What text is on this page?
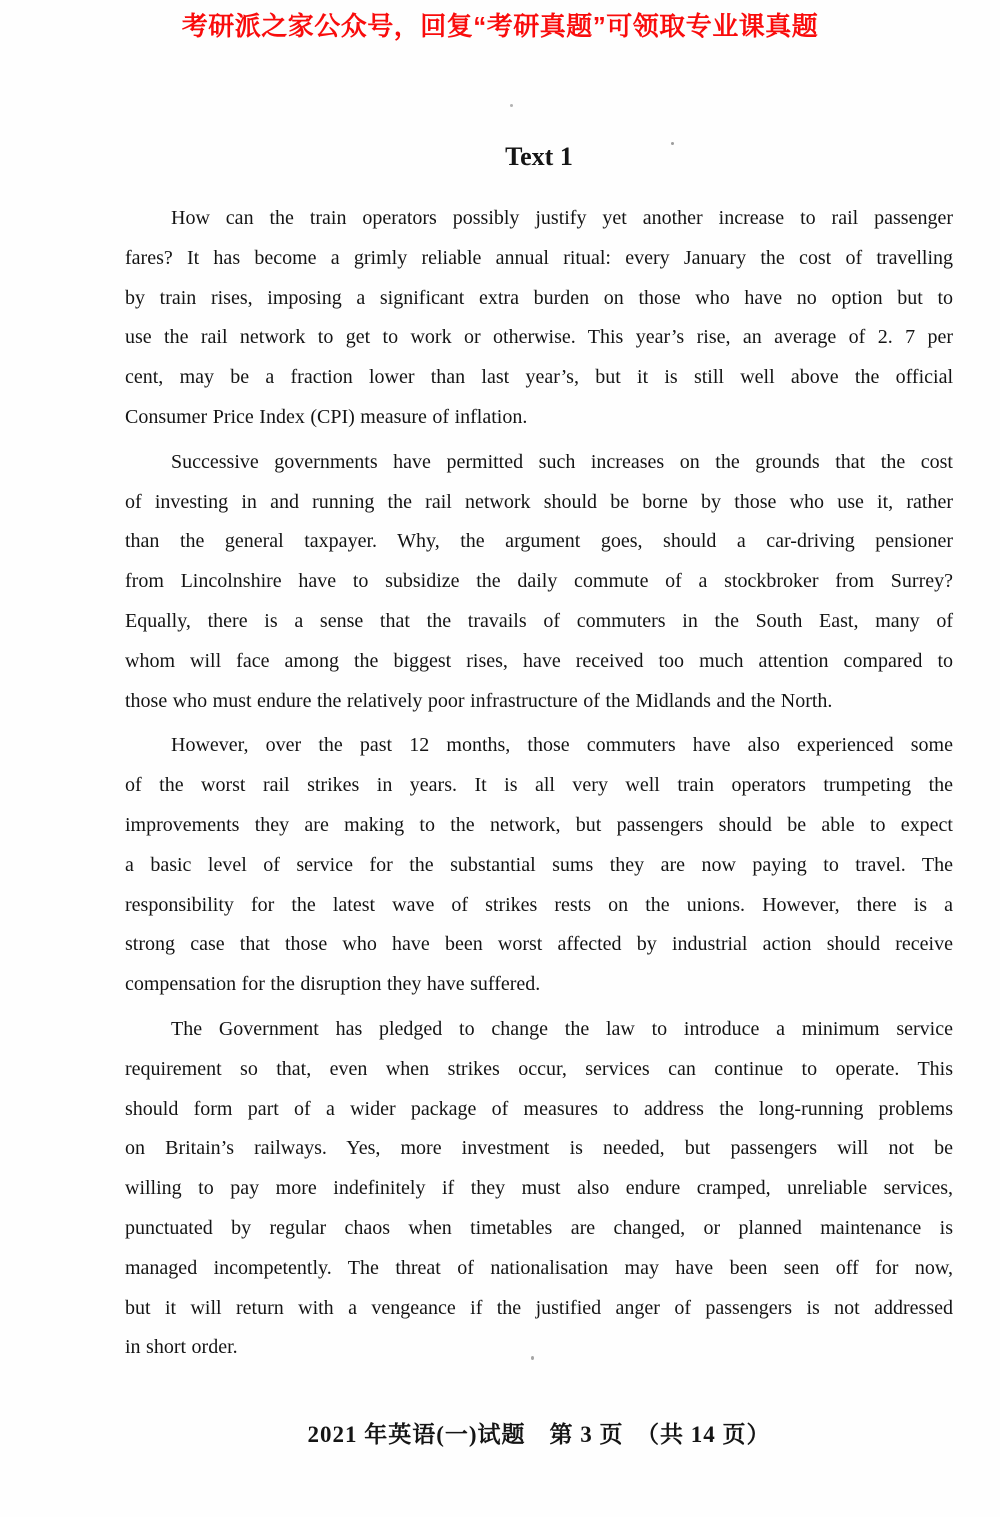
考研派之家公众号，回复“考研真题”可领取专业课真题
Text 1
How can the train operators possibly justify yet another increase to rail passenger
fares? It has become a grimly reliable annual ritual: every January the cost of travelling
by train rises, imposing a significant extra burden on those who have no option but to
use the rail network to get to work or otherwise. This year’s rise, an average of 2. 7 per
cent, may be a fraction lower than last year’s, but it is still well above the official
Consumer Price Index (CPI) measure of inflation.
Successive governments have permitted such increases on the grounds that the cost
of investing in and running the rail network should be borne by those who use it, rather
than the general taxpayer. Why, the argument goes, should a car-driving pensioner
from Lincolnshire have to subsidize the daily commute of a stockbroker from Surrey?
Equally, there is a sense that the travails of commuters in the South East, many of
whom will face among the biggest rises, have received too much attention compared to
those who must endure the relatively poor infrastructure of the Midlands and the North.
However, over the past 12 months, those commuters have also experienced some
of the worst rail strikes in years. It is all very well train operators trumpeting the
improvements they are making to the network, but passengers should be able to expect
a basic level of service for the substantial sums they are now paying to travel. The
responsibility for the latest wave of strikes rests on the unions. However, there is a
strong case that those who have been worst affected by industrial action should receive
compensation for the disruption they have suffered.
The Government has pledged to change the law to introduce a minimum service
requirement so that, even when strikes occur, services can continue to operate. This
should form part of a wider package of measures to address the long-running problems
on Britain’s railways. Yes, more investment is needed, but passengers will not be
willing to pay more indefinitely if they must also endure cramped, unreliable services,
punctuated by regular chaos when timetables are changed, or planned maintenance is
managed incompetently. The threat of nationalisation may have been seen off for now,
but it will return with a vengeance if the justified anger of passengers is not addressed
in short order.
2021 年英语(一)试题　第 3 页　（共 14 页）
